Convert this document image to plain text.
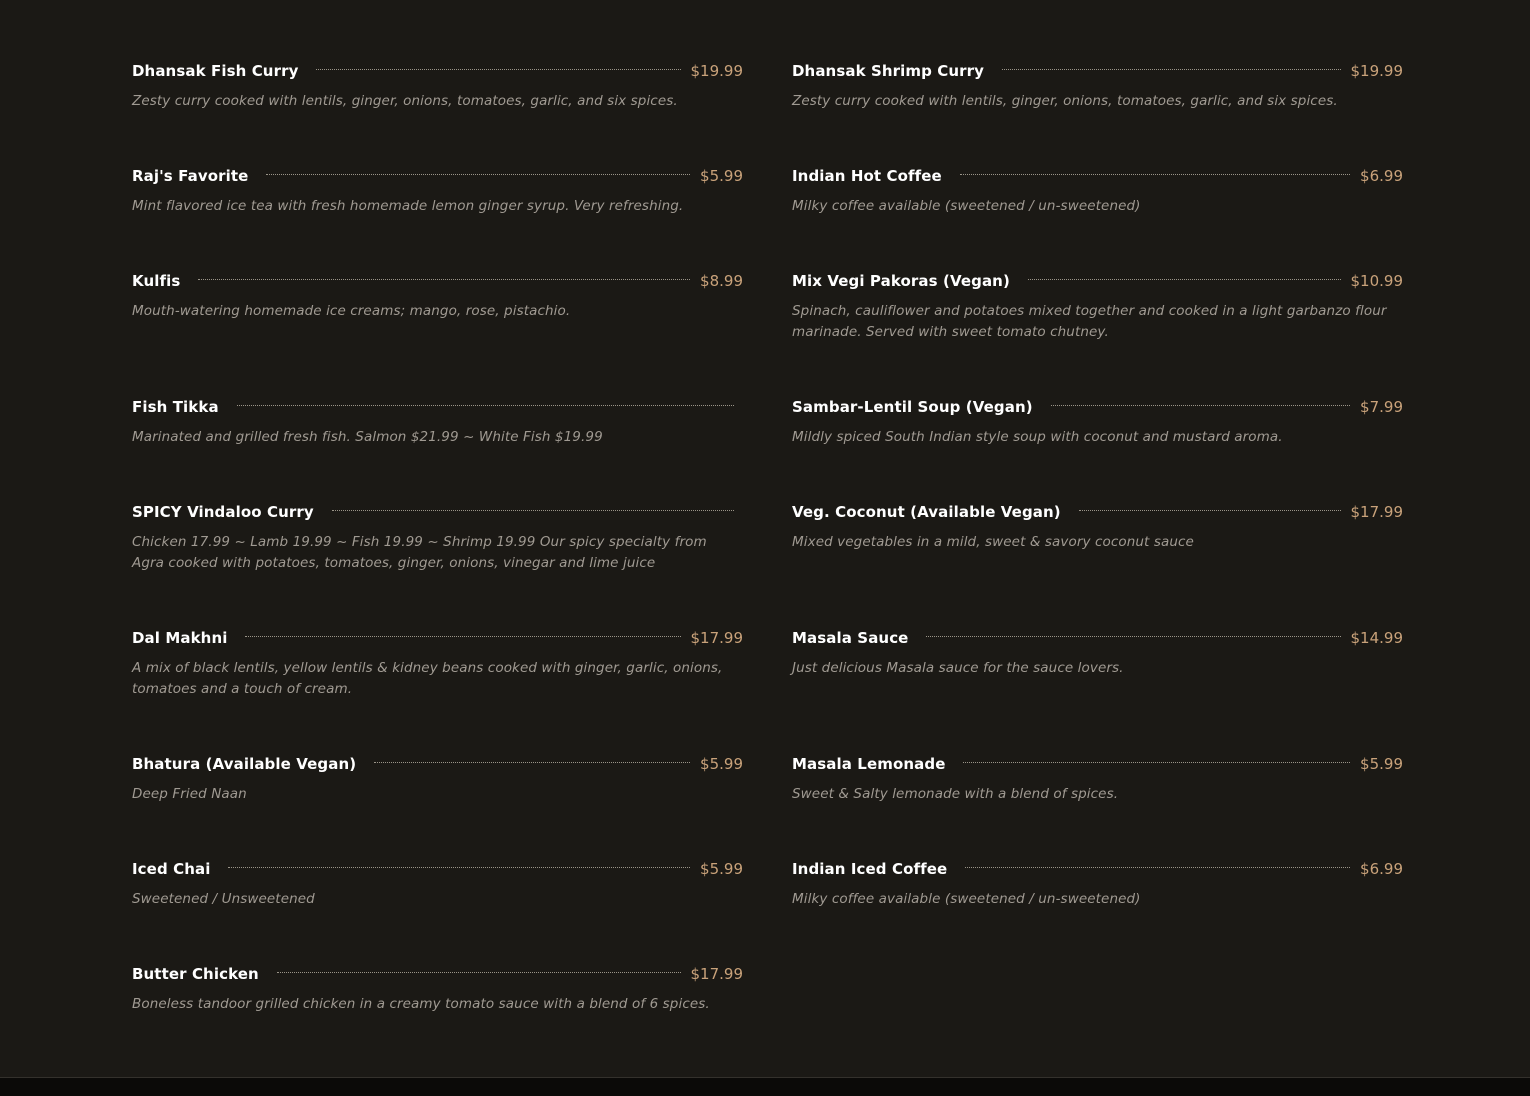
Dhansak Fish Curry	$19.99
Zesty curry cooked with lentils, ginger, onions, tomatoes, garlic, and six spices.
Raj's Favorite	$5.99
Mint flavored ice tea with fresh homemade lemon ginger syrup. Very refreshing.
Kulfis	$8.99
Mouth-watering homemade ice creams; mango, rose, pistachio.
Fish Tikka
Marinated and grilled fresh fish. Salmon $21.99 ~ White Fish $19.99
SPICY Vindaloo Curry
Chicken 17.99 ~ Lamb 19.99 ~ Fish 19.99 ~ Shrimp 19.99 Our spicy specialty from Agra cooked with potatoes, tomatoes, ginger, onions, vinegar and lime juice
Dal Makhni	$17.99
A mix of black lentils, yellow lentils & kidney beans cooked with ginger, garlic, onions, tomatoes and a touch of cream.
Bhatura (Available Vegan)	$5.99
Deep Fried Naan
Iced Chai	$5.99
Sweetened / Unsweetened
Butter Chicken	$17.99
Boneless tandoor grilled chicken in a creamy tomato sauce with a blend of 6 spices.
Dhansak Shrimp Curry	$19.99
Zesty curry cooked with lentils, ginger, onions, tomatoes, garlic, and six spices.
Indian Hot Coffee	$6.99
Milky coffee available (sweetened / un-sweetened)
Mix Vegi Pakoras (Vegan)	$10.99
Spinach, cauliflower and potatoes mixed together and cooked in a light garbanzo flour marinade. Served with sweet tomato chutney.
Sambar-Lentil Soup (Vegan)	$7.99
Mildly spiced South Indian style soup with coconut and mustard aroma.
Veg. Coconut (Available Vegan)	$17.99
Mixed vegetables in a mild, sweet & savory coconut sauce
Masala Sauce	$14.99
Just delicious Masala sauce for the sauce lovers.
Masala Lemonade	$5.99
Sweet & Salty lemonade with a blend of spices.
Indian Iced Coffee	$6.99
Milky coffee available (sweetened / un-sweetened)
